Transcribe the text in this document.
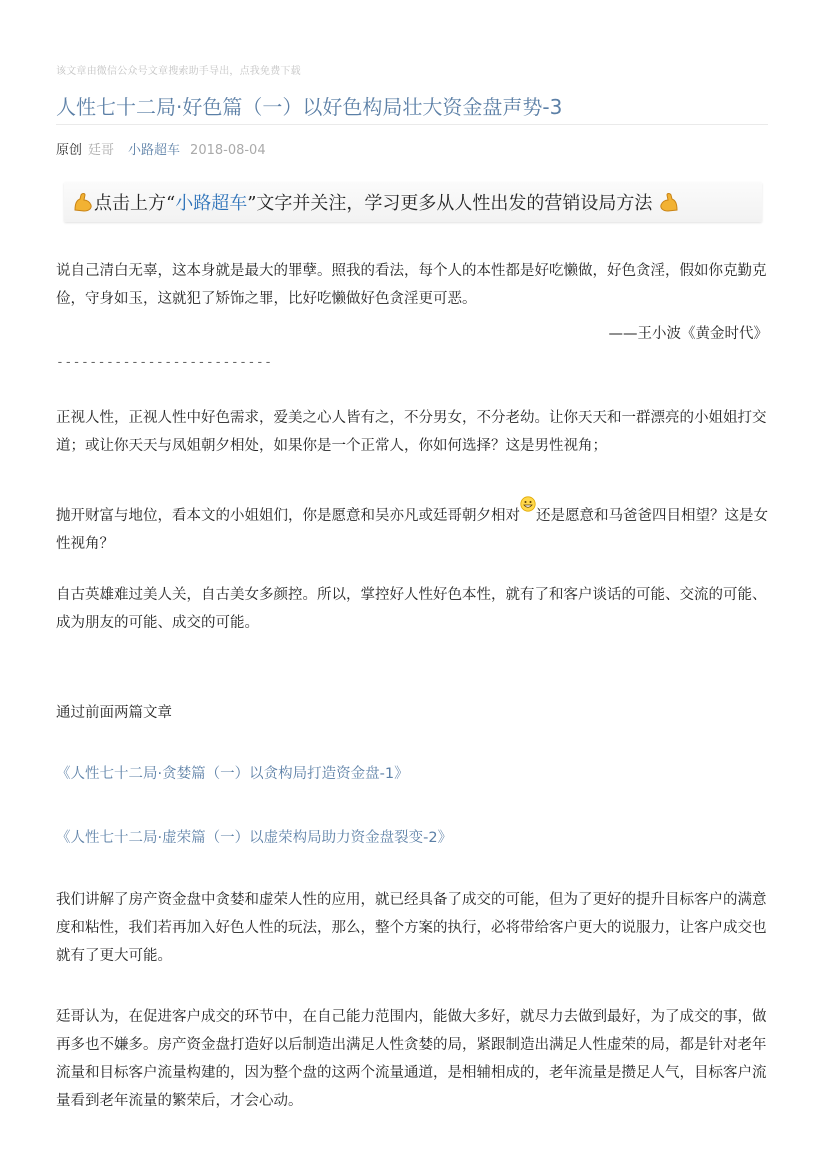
该文章由微信公众号文章搜索助手导出，点我免费下载
人性七十二局·好色篇（一）以好色构局壮大资金盘声势-3
原创 廷哥 小路超车 2018-08-04
点击上方“小路超车”文字并关注，学习更多从人性出发的营销设局方法

说自己清白无辜，这本身就是最大的罪孽。照我的看法，每个人的本性都是好吃懒做，好色贪淫，假如你克勤克俭，守身如玉，这就犯了矫饰之罪，比好吃懒做好色贪淫更可恶。

——王小波《黄金时代》
--------------------------

正视人性，正视人性中好色需求，爱美之心人皆有之，不分男女，不分老幼。让你天天和一群漂亮的小姐姐打交道；或让你天天与凤姐朝夕相处，如果你是一个正常人，你如何选择？这是男性视角；

抛开财富与地位，看本文的小姐姐们，你是愿意和吴亦凡或廷哥朝夕相对 还是愿意和马爸爸四目相望？这是女性视角？

自古英雄难过美人关，自古美女多颜控。所以，掌控好人性好色本性，就有了和客户谈话的可能、交流的可能、成为朋友的可能、成交的可能。

通过前面两篇文章

《人性七十二局·贪婪篇（一）以贪构局打造资金盘-1》

《人性七十二局·虚荣篇（一）以虚荣构局助力资金盘裂变-2》

我们讲解了房产资金盘中贪婪和虚荣人性的应用，就已经具备了成交的可能，但为了更好的提升目标客户的满意度和粘性，我们若再加入好色人性的玩法，那么，整个方案的执行，必将带给客户更大的说服力，让客户成交也就有了更大可能。

廷哥认为，在促进客户成交的环节中，在自己能力范围内，能做大多好，就尽力去做到最好，为了成交的事，做再多也不嫌多。房产资金盘打造好以后制造出满足人性贪婪的局，紧跟制造出满足人性虚荣的局，都是针对老年流量和目标客户流量构建的，因为整个盘的这两个流量通道，是相辅相成的，老年流量是攒足人气，目标客户流量看到老年流量的繁荣后，才会心动。
